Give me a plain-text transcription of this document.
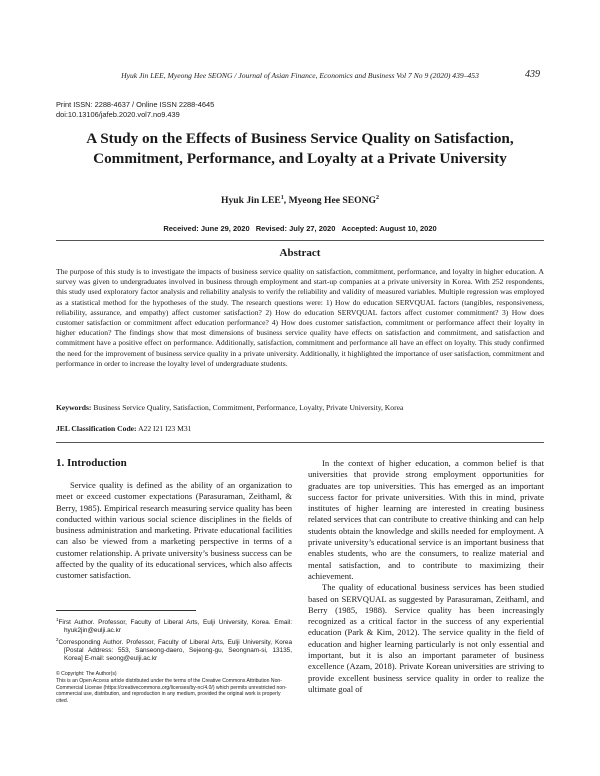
Hyuk Jin LEE, Myeong Hee SEONG / Journal of Asian Finance, Economics and Business Vol 7 No 9 (2020) 439–453	439
Print ISSN: 2288-4637 / Online ISSN 2288-4645
doi:10.13106/jafeb.2020.vol7.no9.439
A Study on the Effects of Business Service Quality on Satisfaction,
Commitment, Performance, and Loyalty at a Private University
Hyuk Jin LEE$^1$, Myeong Hee SEONG$^2$
Received: June 29, 2020 Revised: July 27, 2020 Accepted: August 10, 2020
Abstract
The purpose of this study is to investigate the impacts of business service quality on satisfaction, commitment, performance, and loyalty in higher education. A survey was given to undergraduates involved in business through employment and start-up companies at a private university in Korea. With 252 respondents, this study used exploratory factor analysis and reliability analysis to verify the reliability and validity of measured variables. Multiple regression was employed as a statistical method for the hypotheses of the study. The research questions were: 1) How do education SERVQUAL factors (tangibles, responsiveness, reliability, assurance, and empathy) affect customer satisfaction? 2) How do education SERVQUAL factors affect customer commitment? 3) How does customer satisfaction or commitment affect education performance? 4) How does customer satisfaction, commitment or performance affect their loyalty in higher education? The findings show that most dimensions of business service quality have effects on satisfaction and commitment, and satisfaction and commitment have a positive effect on performance. Additionally, satisfaction, commitment and performance all have an effect on loyalty. This study confirmed the need for the improvement of business service quality in a private university. Additionally, it highlighted the importance of user satisfaction, commitment and performance in order to increase the loyalty level of undergraduate students.
Keywords: Business Service Quality, Satisfaction, Commitment, Performance, Loyalty, Private University, Korea
JEL Classification Code: A22 I21 I23 M31
1. Introduction
Service quality is defined as the ability of an organization to meet or exceed customer expectations (Parasuraman, Zeithaml, & Berry, 1985). Empirical research measuring service quality has been conducted within various social science disciplines in the fields of business administration and marketing. Private educational facilities can also be viewed from a marketing perspective in terms of a customer relationship. A private university’s business success can be affected by the quality of its educational services, which also affects customer satisfaction.

In the context of higher education, a common belief is that universities that provide strong employment opportunities for graduates are top universities. This has emerged as an important success factor for private universities. With this in mind, private institutes of higher learning are interested in creating business related services that can contribute to creative thinking and can help students obtain the knowledge and skills needed for employment. A private university’s educational service is an important business that enables students, who are the consumers, to realize material and mental satisfaction, and to contribute to maximizing their achievement.

The quality of educational business services has been studied based on SERVQUAL as suggested by Parasuraman, Zeithaml, and Berry (1985, 1988). Service quality has been increasingly recognized as a critical factor in the success of any experiential education (Park & Kim, 2012). The service quality in the field of education and higher learning particularly is not only essential and important, but it is also an important parameter of business excellence (Azam, 2018). Private Korean universities are striving to provide excellent business service quality in order to realize the ultimate goal of

$^1$First Author. Professor, Faculty of Liberal Arts, Eulji University, Korea. Email: hyuk2jin@eulji.ac.kr

$^2$Corresponding Author. Professor, Faculty of Liberal Arts, Eulji University, Korea [Postal Address: 553, Sanseong-daero, Sejeong-gu, Seongnam-si, 13135, Korea] E-mail: seong@eulji.ac.kr

© Copyright: The Author(s)

This is an Open Access article distributed under the terms of the Creative Commons Attribution Non-Commercial License (https://creativecommons.org/licenses/by-nc/4.0/) which permits unrestricted non-commercial use, distribution, and reproduction in any medium, provided the original work is properly cited.
